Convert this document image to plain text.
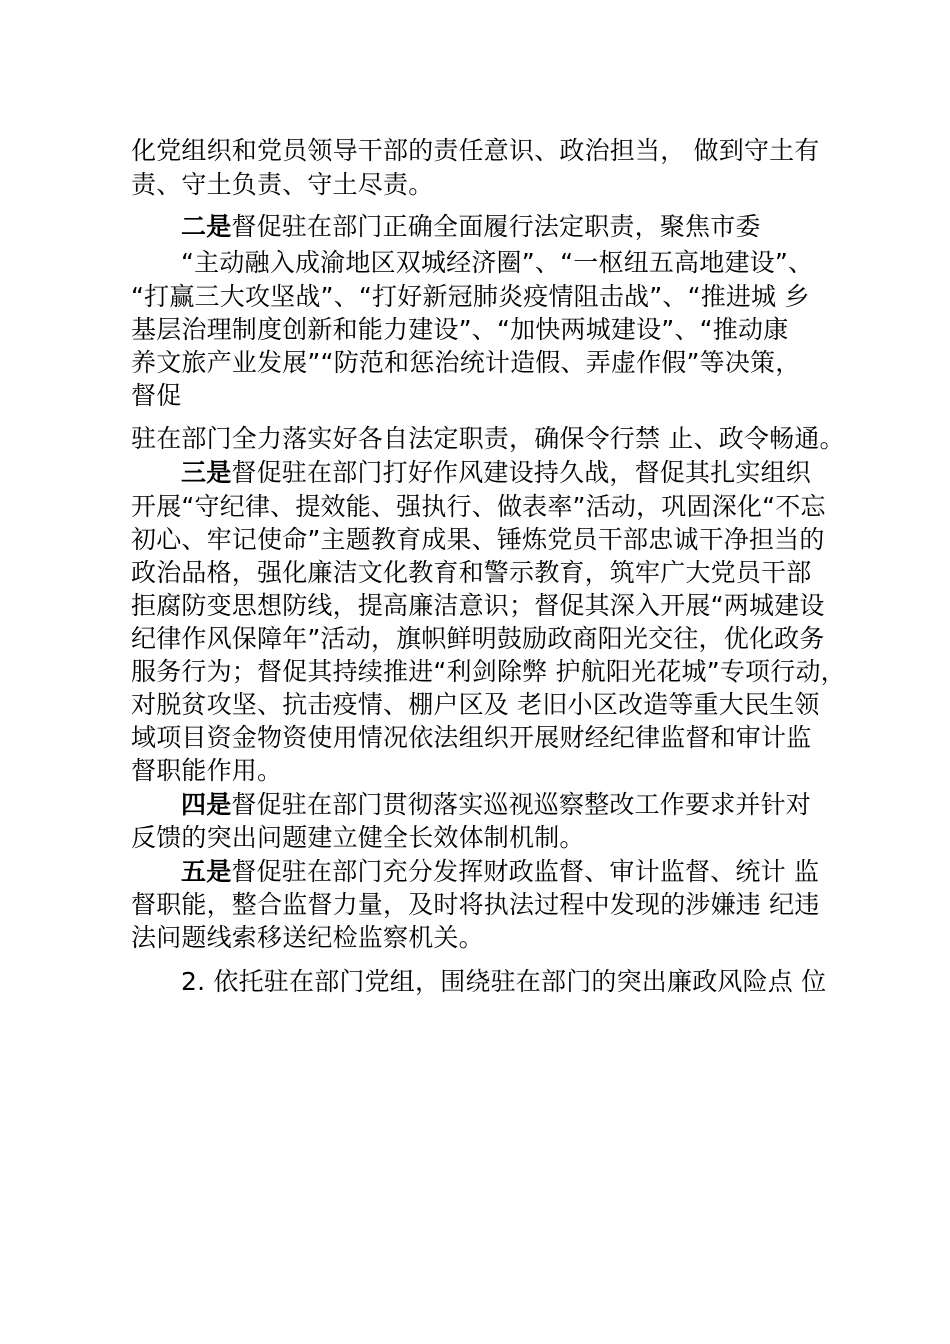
化党组织和党员领导干部的责任意识、政治担当， 做到守土有
责、守土负责、守土尽责。
二是督促驻在部门正确全面履行法定职责，聚焦市委
“主动融入成渝地区双城经济圈”、“一枢纽五高地建设”、
“打赢三大攻坚战”、“打好新冠肺炎疫情阻击战”、“推进城 乡
基层治理制度创新和能力建设”、“加快两城建设”、“推动康
养文旅产业发展”“防范和惩治统计造假、弄虚作假”等决策，
督促
驻在部门全力落实好各自法定职责，确保令行禁 止、政令畅通。
三是督促驻在部门打好作风建设持久战，督促其扎实组织
开展“守纪律、提效能、强执行、做表率”活动，巩固深化“不忘
初心、牢记使命”主题教育成果、锤炼党员干部忠诚干净担当的
政治品格，强化廉洁文化教育和警示教育，筑牢广大党员干部
拒腐防变思想防线，提高廉洁意识；督促其深入开展“两城建设
纪律作风保障年”活动，旗帜鲜明鼓励政商阳光交往，优化政务
服务行为；督促其持续推进“利剑除弊 护航阳光花城”专项行动，
对脱贫攻坚、抗击疫情、棚户区及 老旧小区改造等重大民生领
域项目资金物资使用情况依法组织开展财经纪律监督和审计监
督职能作用。
四是督促驻在部门贯彻落实巡视巡察整改工作要求并针对
反馈的突出问题建立健全长效体制机制。
五是督促驻在部门充分发挥财政监督、审计监督、统计 监
督职能，整合监督力量，及时将执法过程中发现的涉嫌违 纪违
法问题线索移送纪检监察机关。
2. 依托驻在部门党组，围绕驻在部门的突出廉政风险点 位
